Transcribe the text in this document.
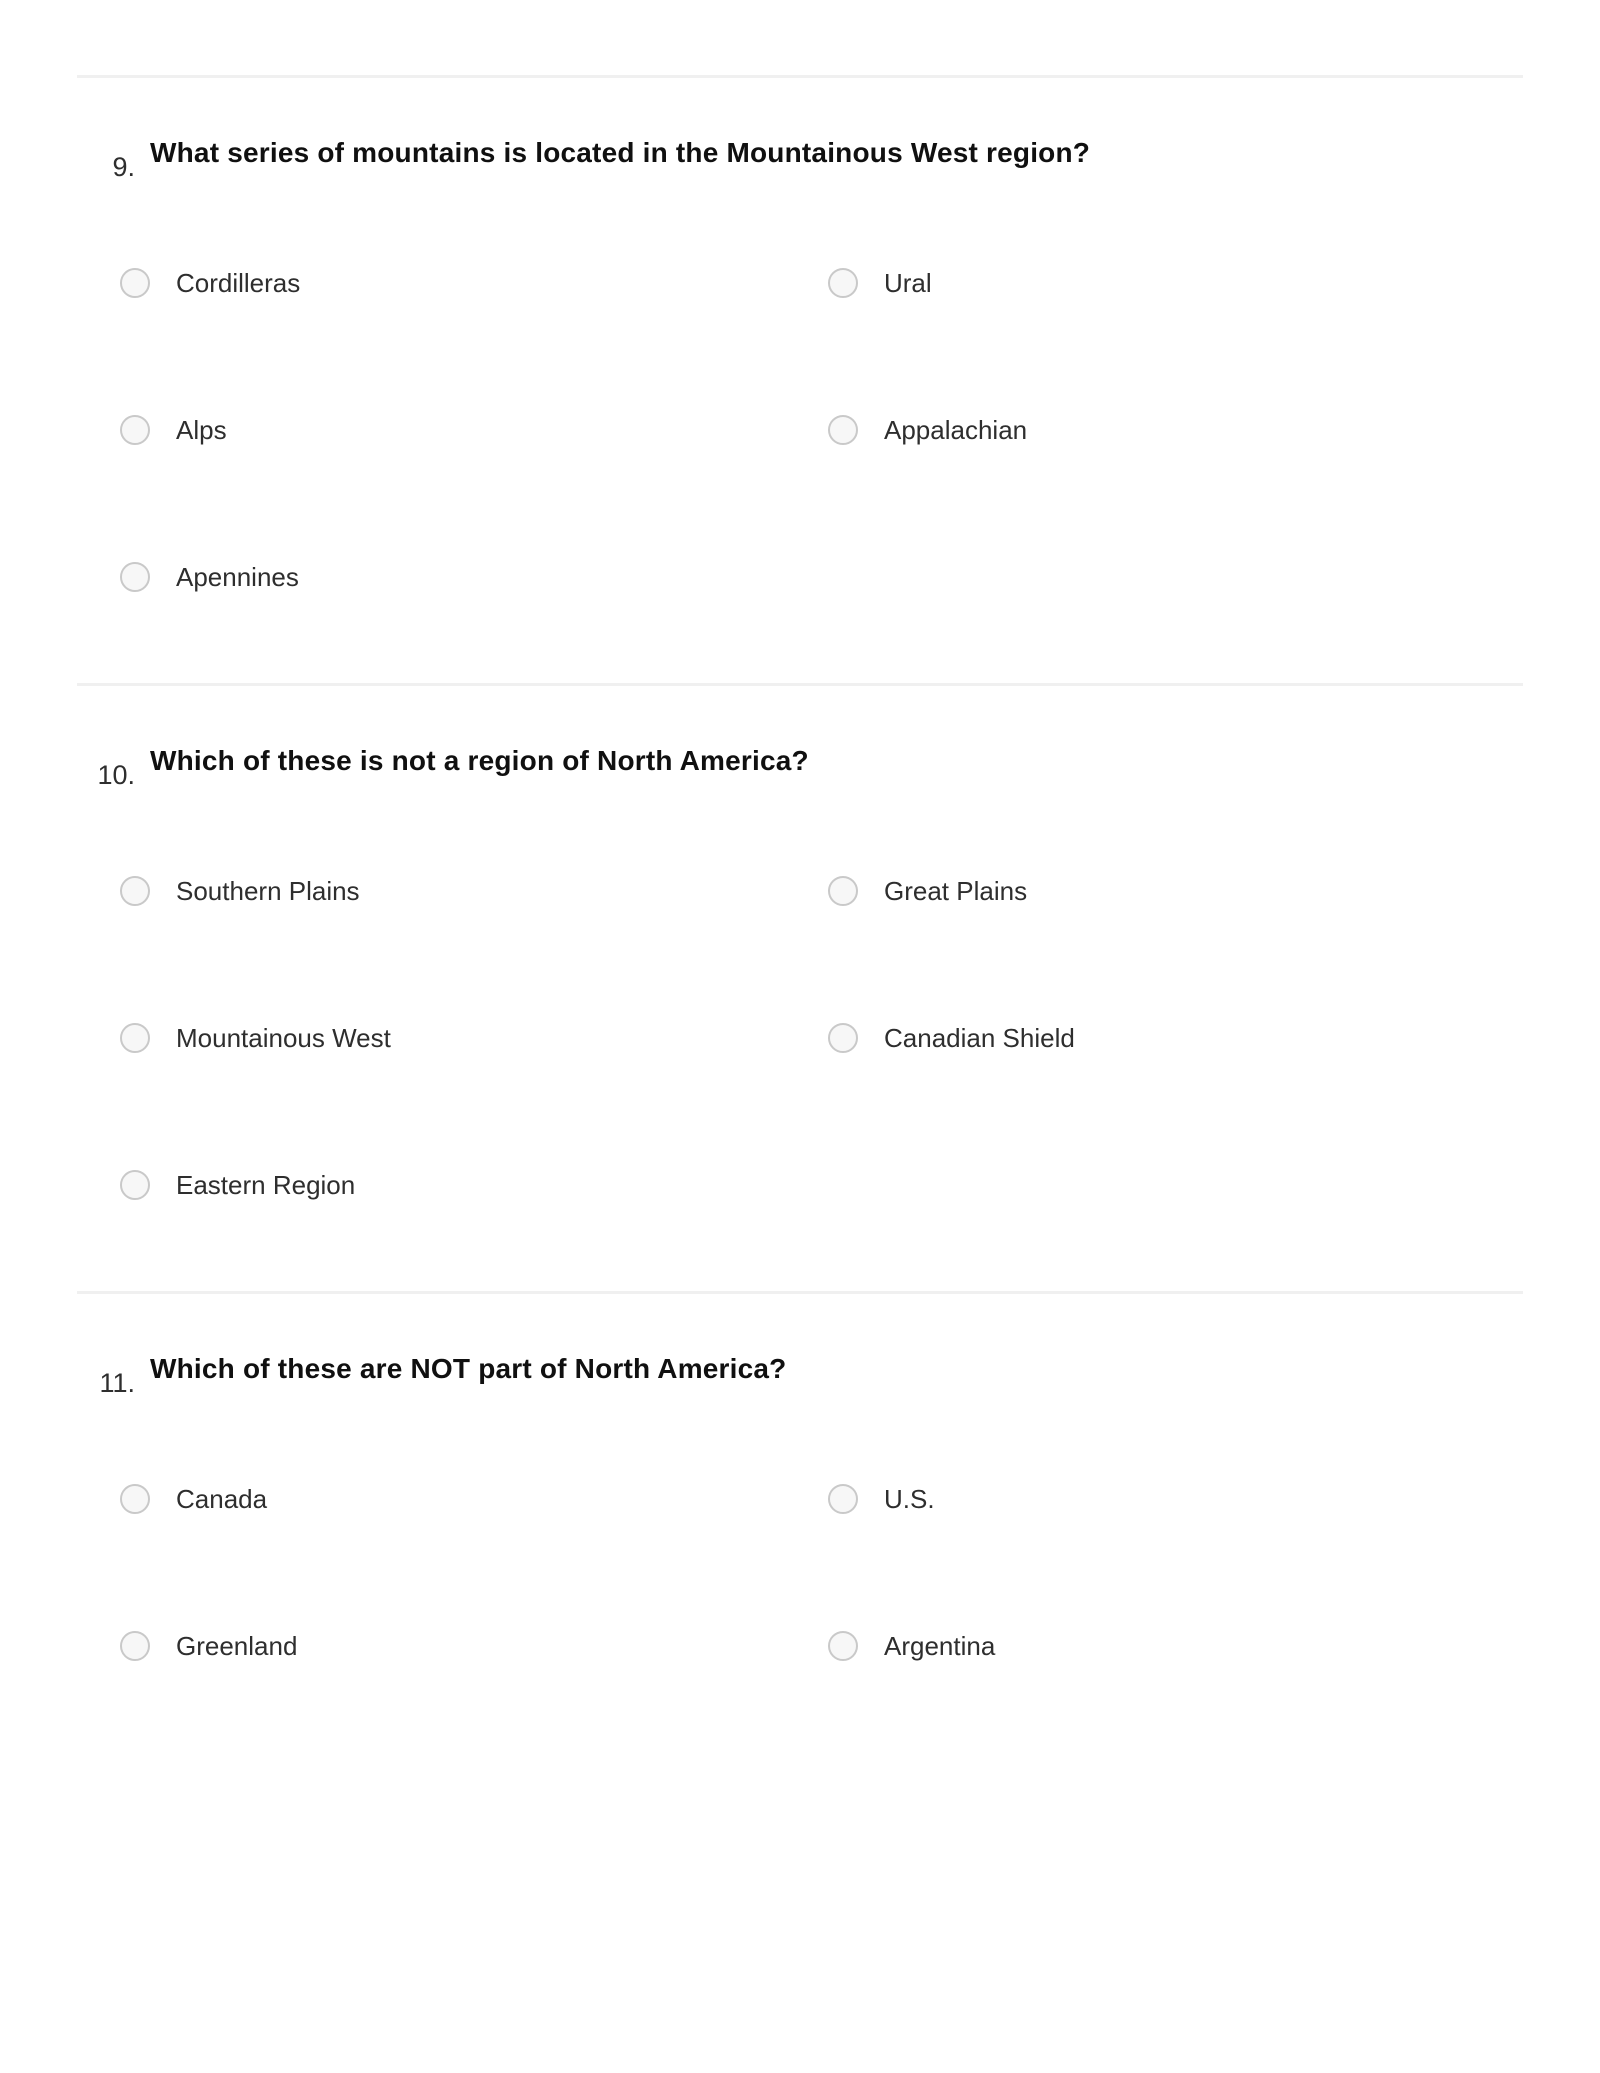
9. What series of mountains is located in the Mountainous West region?
Cordilleras	Ural
Alps	Appalachian
Apennines
10. Which of these is not a region of North America?
Southern Plains	Great Plains
Mountainous West	Canadian Shield
Eastern Region
11. Which of these are NOT part of North America?
Canada	U.S.
Greenland	Argentina
